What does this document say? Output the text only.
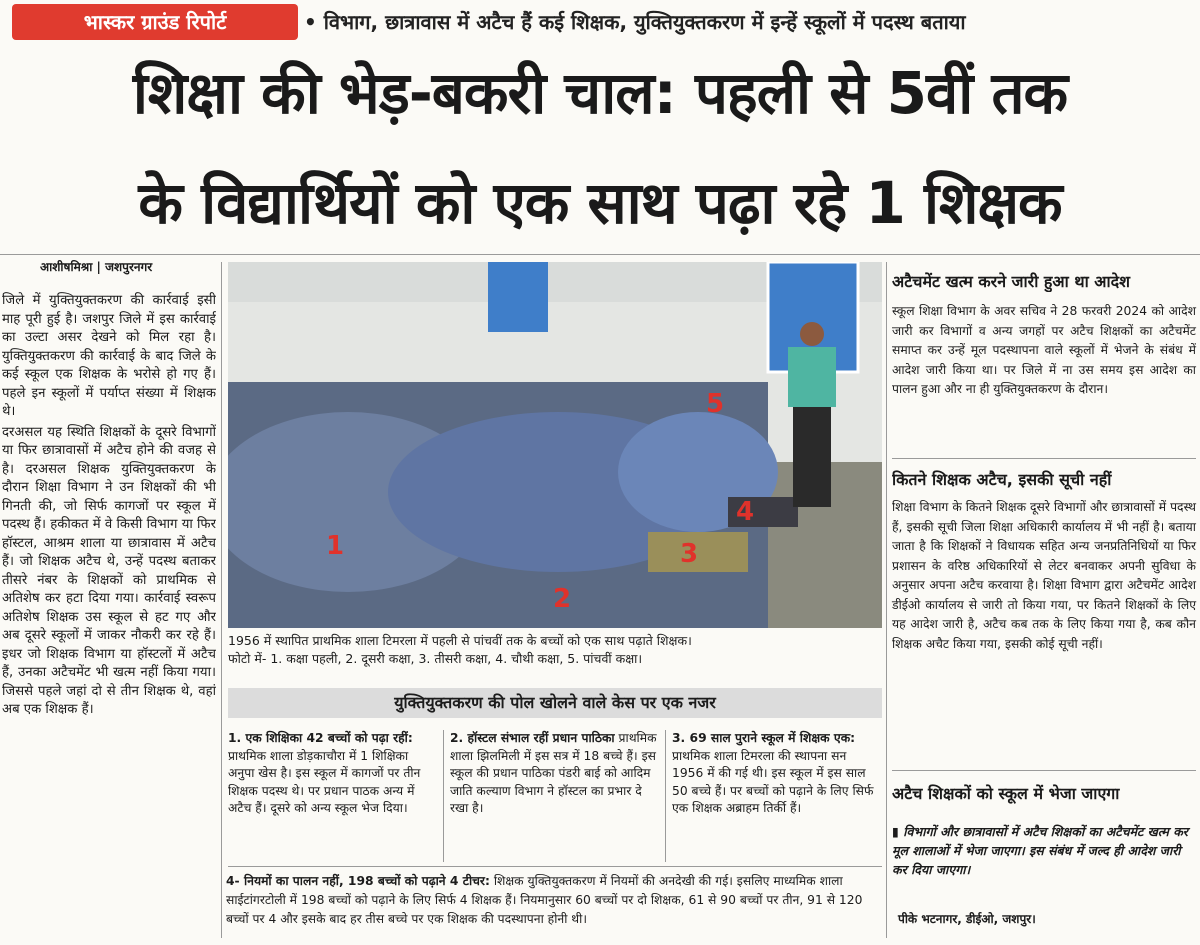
भास्कर ग्राउंड रिपोर्ट	• विभाग, छात्रावास में अटैच हैं कई शिक्षक, युक्तियुक्तकरण में इन्हें स्कूलों में पदस्थ बताया
शिक्षा की भेड़-बकरी चाल: पहली से 5वीं तक
के विद्यार्थियों को एक साथ पढ़ा रहे 1 शिक्षक
आशीषमिश्रा | जशपुरनगर

जिले में युक्तियुक्तकरण की कार्रवाई इसी माह पूरी हुई है। जशपुर जिले में इस कार्रवाई का उल्टा असर देखने को मिल रहा है। युक्तियुक्तकरण की कार्रवाई के बाद जिले के कई स्कूल एक शिक्षक के भरोसे हो गए हैं। पहले इन स्कूलों में पर्याप्त संख्या में शिक्षक थे।

दरअसल यह स्थिति शिक्षकों के दूसरे विभागों या फिर छात्रावासों में अटैच होने की वजह से है। दरअसल शिक्षक युक्तियुक्तकरण के दौरान शिक्षा विभाग ने उन शिक्षकों की भी गिनती की, जो सिर्फ कागजों पर स्कूल में पदस्थ हैं। हकीकत में वे किसी विभाग या फिर हॉस्टल, आश्रम शाला या छात्रावास में अटैच हैं। जो शिक्षक अटैच थे, उन्हें पदस्थ बताकर तीसरे नंबर के शिक्षकों को प्राथमिक से अतिशेष कर हटा दिया गया। कार्रवाई स्वरूप अतिशेष शिक्षक उस स्कूल से हट गए और अब दूसरे स्कूलों में जाकर नौकरी कर रहे हैं। इधर जो शिक्षक विभाग या हॉस्टलों में अटैच हैं, उनका अटैचमेंट भी खत्म नहीं किया गया। जिससे पहले जहां दो से तीन शिक्षक थे, वहां अब एक शिक्षक हैं।

1
2
3
4
5
1956 में स्थापित प्राथमिक शाला टिमरला में पहली से पांचवीं तक के बच्चों को एक साथ पढ़ाते शिक्षक।
फोटो में- 1. कक्षा पहली, 2. दूसरी कक्षा, 3. तीसरी कक्षा, 4. चौथी कक्षा, 5. पांचवीं कक्षा।
युक्तियुक्तकरण की पोल खोलने वाले केस पर एक नजर
1. एक शिक्षिका 42 बच्चों को पढ़ा रहीं: प्राथमिक शाला डोड़काचौरा में 1 शिक्षिका अनुपा खेस है। इस स्कूल में कागजों पर तीन शिक्षक पदस्थ थे। पर प्रधान पाठक अन्य में अटैच हैं। दूसरे को अन्य स्कूल भेज दिया।
2. हॉस्टल संभाल रहीं प्रधान पाठिका प्राथमिक शाला झिलमिली में इस सत्र में 18 बच्चे हैं। इस स्कूल की प्रधान पाठिका पंडरी बाई को आदिम जाति कल्याण विभाग ने हॉस्टल का प्रभार दे रखा है।
3. 69 साल पुराने स्कूल में शिक्षक एक: प्राथमिक शाला टिमरला की स्थापना सन 1956 में की गई थी। इस स्कूल में इस साल 50 बच्चे हैं। पर बच्चों को पढ़ाने के लिए सिर्फ एक शिक्षक अब्राहम तिर्की हैं।
4- नियमों का पालन नहीं, 198 बच्चों को पढ़ाने 4 टीचर: शिक्षक युक्तियुक्तकरण में नियमों की अनदेखी की गई। इसलिए माध्यमिक शाला साईटांगरटोली में 198 बच्चों को पढ़ाने के लिए सिर्फ 4 शिक्षक हैं। नियमानुसार 60 बच्चों पर दो शिक्षक, 61 से 90 बच्चों पर तीन, 91 से 120 बच्चों पर 4 और इसके बाद हर तीस बच्चे पर एक शिक्षक की पदस्थापना होनी थी।
अटैचमेंट खत्म करने जारी हुआ था आदेश
स्कूल शिक्षा विभाग के अवर सचिव ने 28 फरवरी 2024 को आदेश जारी कर विभागों व अन्य जगहों पर अटैच शिक्षकों का अटैचमेंट समाप्त कर उन्हें मूल पदस्थापना वाले स्कूलों में भेजने के संबंध में आदेश जारी किया था। पर जिले में ना उस समय इस आदेश का पालन हुआ और ना ही युक्तियुक्तकरण के दौरान।
कितने शिक्षक अटैच, इसकी सूची नहीं
शिक्षा विभाग के कितने शिक्षक दूसरे विभागों और छात्रावासों में पदस्थ हैं, इसकी सूची जिला शिक्षा अधिकारी कार्यालय में भी नहीं है। बताया जाता है कि शिक्षकों ने विधायक सहित अन्य जनप्रतिनिधियों या फिर प्रशासन के वरिष्ठ अधिकारियों से लेटर बनवाकर अपनी सुविधा के अनुसार अपना अटैच करवाया है। शिक्षा विभाग द्वारा अटैचमेंट आदेश डीईओ कार्यालय से जारी तो किया गया, पर कितने शिक्षकों के लिए यह आदेश जारी है, अटैच कब तक के लिए किया गया है, कब कौन शिक्षक अचैट किया गया, इसकी कोई सूची नहीं।
अटैच शिक्षकों को स्कूल में भेजा जाएगा
▮ विभागों और छात्रावासों में अटैच शिक्षकों का अटैचमेंट खत्म कर मूल शालाओं में भेजा जाएगा। इस संबंध में जल्द ही आदेश जारी कर दिया जाएगा।
पीके भटनागर, डीईओ, जशपुर।
